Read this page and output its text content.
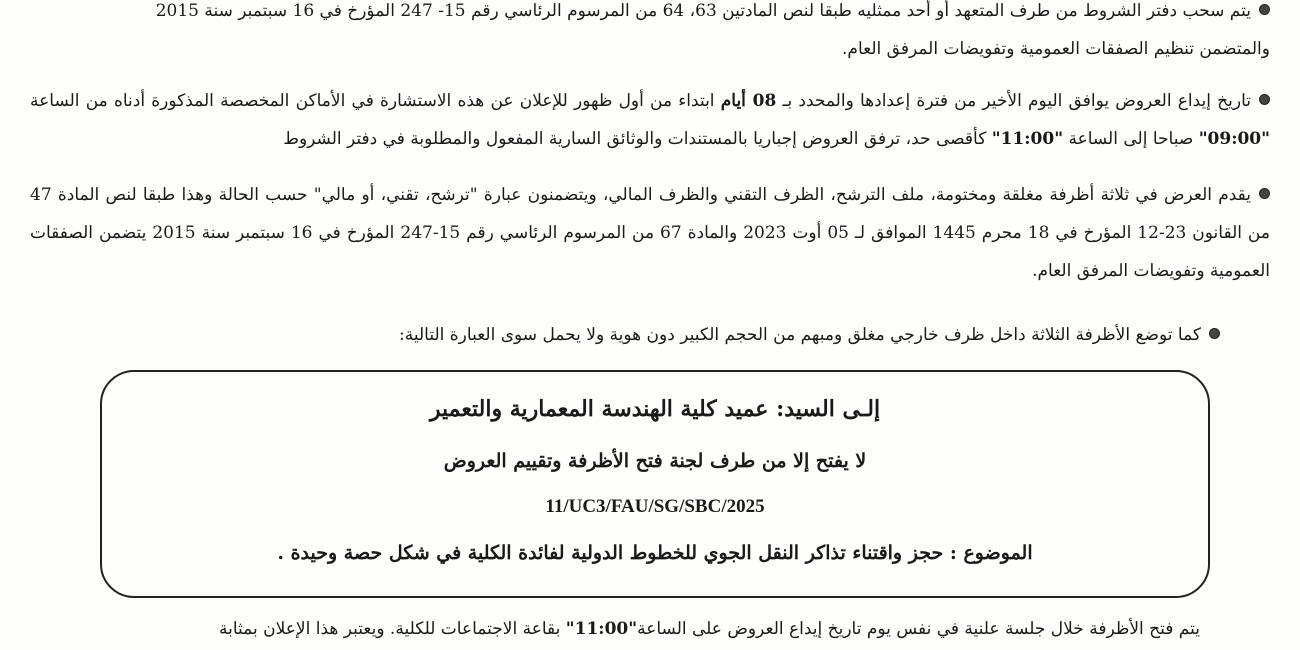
يتم سحب دفتر الشروط من طرف المتعهد أو أحد ممثليه طبقا لنص المادتين 63، 64 من المرسوم الرئاسي رقم 15- 247 المؤرخ في 16 سبتمبر سنة 2015
والمتضمن تنظيم الصفقات العمومية وتفويضات المرفق العام.
تاريخ إيداع العروض يوافق اليوم الأخير من فترة إعدادها والمحدد بـ 08 أيام ابتداء من أول ظهور للإعلان عن هذه الاستشارة في الأماكن المخصصة المذكورة أدناه من الساعة "09:00" صباحا إلى الساعة "11:00" كأقصى حد، ترفق العروض إجباريا بالمستندات والوثائق السارية المفعول والمطلوبة في دفتر الشروط
يقدم العرض في ثلاثة أظرفة مغلقة ومختومة، ملف الترشح، الظرف التقني والظرف المالي، ويتضمنون عبارة "ترشح، تقني، أو مالي" حسب الحالة وهذا طبقا لنص المادة 47 من القانون 23-12 المؤرخ في 18 محرم 1445 الموافق لـ 05 أوت 2023 والمادة 67 من المرسوم الرئاسي رقم 15-247 المؤرخ في 16 سبتمبر سنة 2015 يتضمن الصفقات العمومية وتفويضات المرفق العام.
كما توضع الأظرفة الثلاثة داخل ظرف خارجي مغلق ومبهم من الحجم الكبير دون هوية ولا يحمل سوى العبارة التالية:
إلـى السيد: عميد كلية الهندسة المعمارية والتعمير
لا يفتح إلا من طرف لجنة فتح الأظرفة وتقييم العروض
11/UC3/FAU/SG/SBC/2025
الموضوع : حجز واقتناء تذاكر النقل الجوي للخطوط الدولية لفائدة الكلية في شكل حصة وحيدة .
يتم فتح الأظرفة خلال جلسة علنية في نفس يوم تاريخ إيداع العروض على الساعة"11:00" بقاعة الاجتماعات للكلية. ويعتبر هذا الإعلان بمثابة
